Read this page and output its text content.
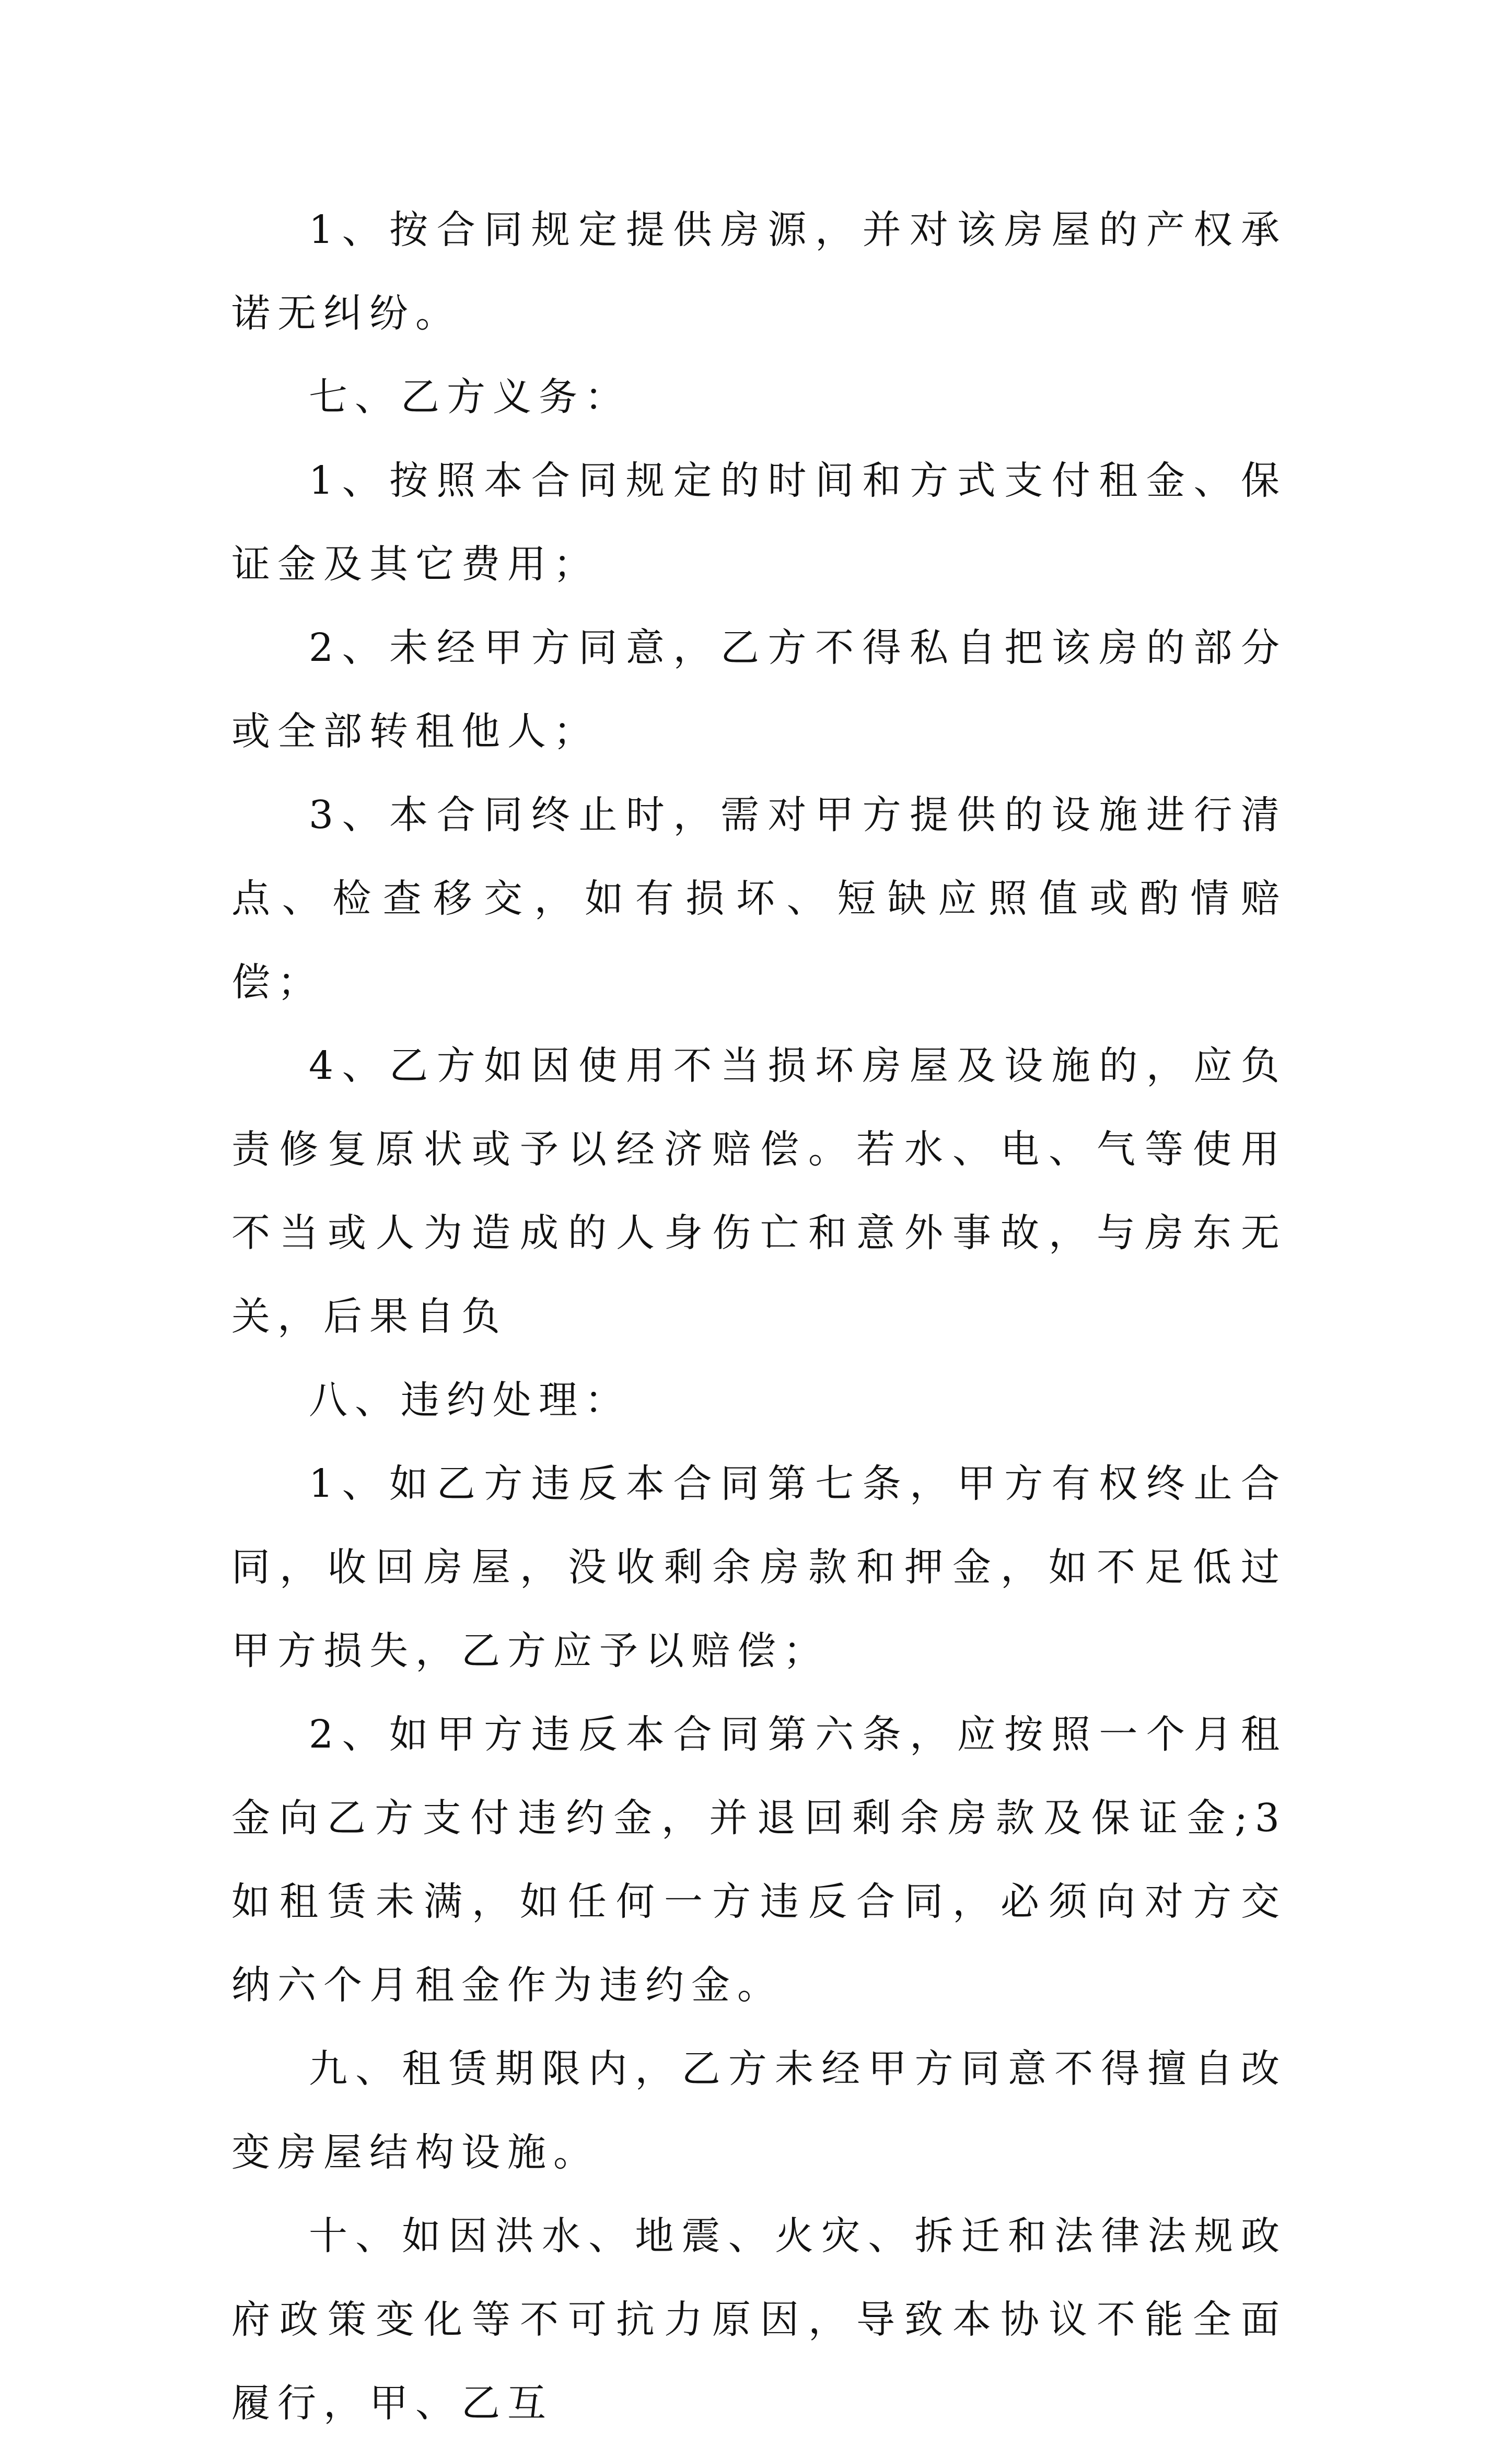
1、按合同规定提供房源，并对该房屋的产权承诺无纠纷。

七、乙方义务：

1、按照本合同规定的时间和方式支付租金、保证金及其它费用；

2、未经甲方同意，乙方不得私自把该房的部分或全部转租他人；

3、本合同终止时，需对甲方提供的设施进行清点、检查移交，如有损坏、短缺应照值或酌情赔偿；

4、乙方如因使用不当损坏房屋及设施的，应负责修复原状或予以经济赔偿。若水、电、气等使用不当或人为造成的人身伤亡和意外事故，与房东无关，后果自负

八、违约处理：

1、如乙方违反本合同第七条，甲方有权终止合同，收回房屋，没收剩余房款和押金，如不足低过甲方损失，乙方应予以赔偿；

2、如甲方违反本合同第六条，应按照一个月租金向乙方支付违约金，并退回剩余房款及保证金;3 如租赁未满，如任何一方违反合同，必须向对方交纳六个月租金作为违约金。

九、租赁期限内，乙方未经甲方同意不得擅自改变房屋结构设施。

十、如因洪水、地震、火灾、拆迁和法律法规政府政策变化等不可抗力原因，导致本协议不能全面履行，甲、乙互
